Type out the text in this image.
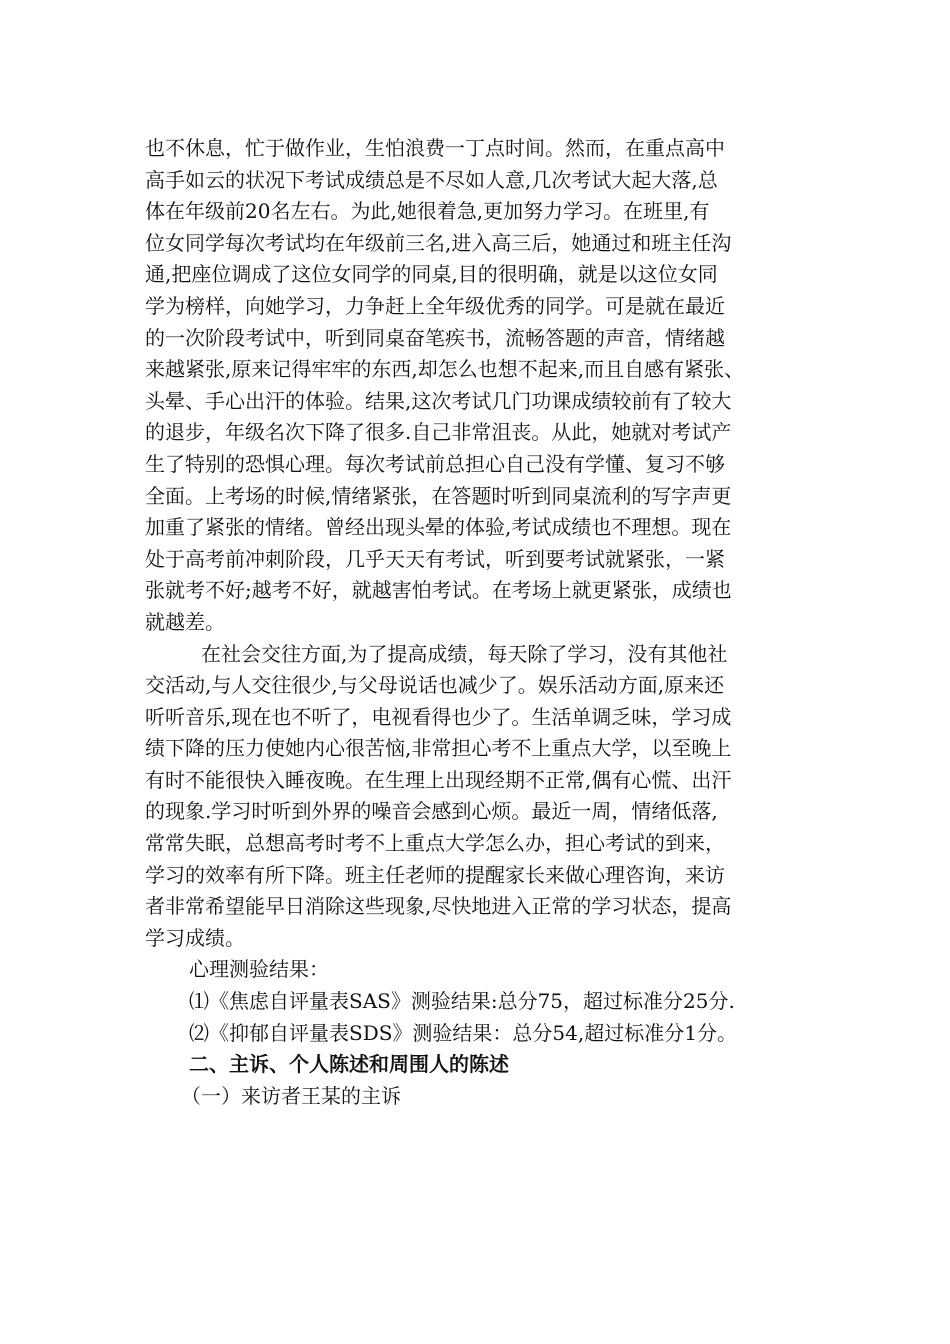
也不休息，忙于做作业，生怕浪费一丁点时间。然而，在重点高中
高手如云的状况下考试成绩总是不尽如人意,几次考试大起大落,总
体在年级前20名左右。为此,她很着急,更加努力学习。在班里,有
位女同学每次考试均在年级前三名,进入高三后，她通过和班主任沟
通,把座位调成了这位女同学的同桌,目的很明确，就是以这位女同
学为榜样，向她学习，力争赶上全年级优秀的同学。可是就在最近
的一次阶段考试中，听到同桌奋笔疾书，流畅答题的声音，情绪越
来越紧张,原来记得牢牢的东西,却怎么也想不起来,而且自感有紧张、
头晕、手心出汗的体验。结果,这次考试几门功课成绩较前有了较大
的退步，年级名次下降了很多.自己非常沮丧。从此，她就对考试产
生了特别的恐惧心理。每次考试前总担心自己没有学懂、复习不够
全面。上考场的时候,情绪紧张，在答题时听到同桌流利的写字声更
加重了紧张的情绪。曾经出现头晕的体验,考试成绩也不理想。现在
处于高考前冲刺阶段，几乎天天有考试，听到要考试就紧张，一紧
张就考不好;越考不好，就越害怕考试。在考场上就更紧张，成绩也
就越差。
在社会交往方面,为了提高成绩，每天除了学习，没有其他社
交活动,与人交往很少,与父母说话也减少了。娱乐活动方面,原来还
听听音乐,现在也不听了，电视看得也少了。生活单调乏味，学习成
绩下降的压力使她内心很苦恼,非常担心考不上重点大学，以至晚上
有时不能很快入睡夜晚。在生理上出现经期不正常,偶有心慌、出汗
的现象.学习时听到外界的噪音会感到心烦。最近一周，情绪低落,
常常失眠，总想高考时考不上重点大学怎么办，担心考试的到来，
学习的效率有所下降。班主任老师的提醒家长来做心理咨询，来访
者非常希望能早日消除这些现象,尽快地进入正常的学习状态，提高
学习成绩。
心理测验结果：
⑴《焦虑自评量表SAS》测验结果:总分75，超过标准分25分.
⑵《抑郁自评量表SDS》测验结果：总分54,超过标准分1分。
二、主诉、个人陈述和周围人的陈述
（一）来访者王某的主诉
